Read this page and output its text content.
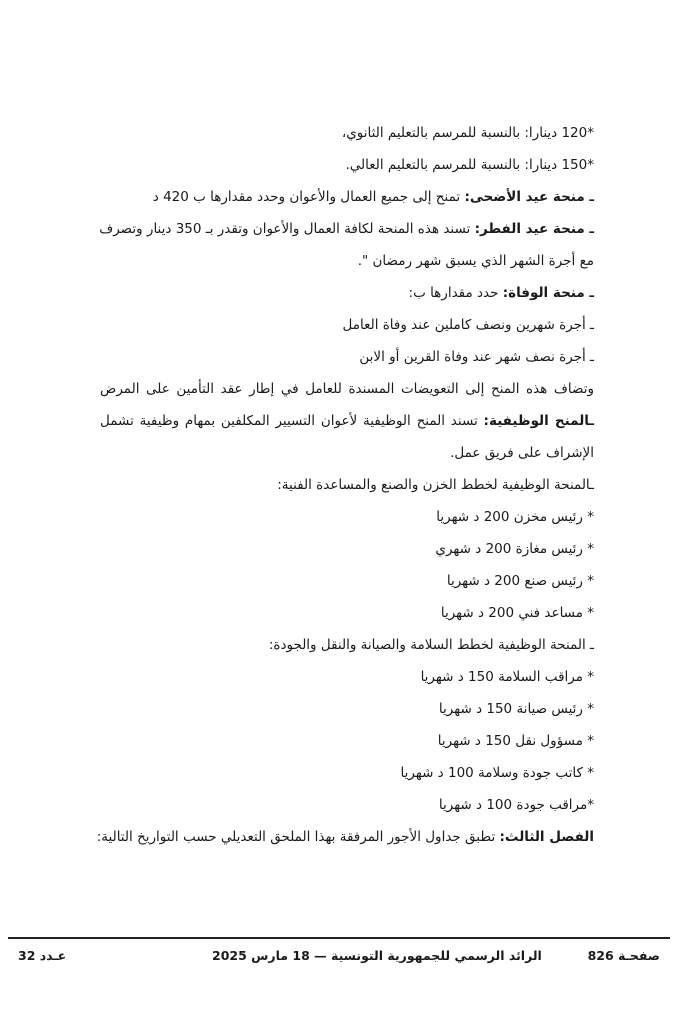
*120 دينارا: بالنسبة للمرسم بالتعليم الثانوي،
*150 دينارا: بالنسبة للمرسم بالتعليم العالي.
ـ منحة عيد الأضحى: تمنح إلى جميع العمال والأعوان وحدد مقدارها ب 420 د
ـ منحة عيد الفطر: تسند هذه المنحة لكافة العمال والأعوان وتقدر بـ 350 دينار وتصرف
مع أجرة الشهر الذي يسبق شهر رمضان ".
ـ منحة الوفاة: حدد مقدارها ب:
ـ أجرة شهرين ونصف كاملين عند وفاة العامل
ـ أجرة نصف شهر عند وفاة القرين أو الابن
وتضاف هذه المنح إلى التعويضات المسندة للعامل في إطار عقد التأمين على المرض
ـالمنح الوظيفية: تسند المنح الوظيفية لأعوان التسيير المكلفين بمهام وظيفية تشمل
الإشراف على فريق عمل.
ـالمنحة الوظيفية لخطط الخزن والصنع والمساعدة الفنية:
* رئيس مخزن 200 د شهريا
* رئيس مغازة 200 د شهري
* رئيس صنع 200 د شهريا
* مساعد فني 200 د شهريا
ـ المنحة الوظيفية لخطط السلامة والصيانة والنقل والجودة:
* مراقب السلامة 150 د شهريا
* رئيس صيانة 150 د شهريا
* مسؤول نقل 150 د شهريا
* كاتب جودة وسلامة 100 د شهريا
*مراقب جودة 100 د شهريا
الفصل الثالث: تطبق جداول الأجور المرفقة بهذا الملحق التعديلي حسب التواريخ التالية:
عـدد 32	الرائد الرسمي للجمهورية التونسية — 18 مارس 2025	صفحـة 826
